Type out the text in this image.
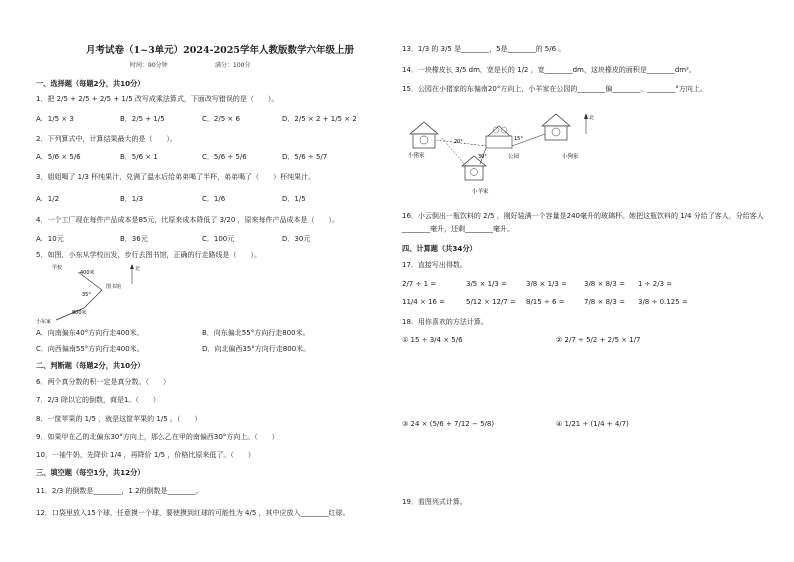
月考试卷（1~3单元）2024-2025学年人教版数学六年级上册
时间：90分钟	满分：100分
一、选择题（每题2分，共10分）
1．把 2/5 + 2/5 + 2/5 + 1/5 改写成乘法算式，下面改写错误的是（　　）。
A．1/5 × 3	B．2/5 + 1/5	C．2/5 × 6	D．2/5 × 2 + 1/5 × 2
2．下列算式中，计算结果最大的是（　　）。
A．5/6 × 5/6	B．5/6 × 1	C．5/6 ÷ 5/6	D．5/6 ÷ 5/7
3．姐姐喝了 1/3 杯纯果汁，兑满了温水后给弟弟喝了半杯，弟弟喝了（　　）杯纯果汁。
A．1/2	B．1/3	C．1/6	D．1/5
4．一个工厂现在每件产品成本是85元，比原来成本降低了 3/20 ，原来每件产品成本是（　　）。
A．10元	B．36元	C．100元	D．30元
5．如图，小东从学校出发，步行去图书馆，正确的行走路线是（　　）。
北
学校
400米
图书馆
35°
800米
小东家
A．向南偏东40°方向行走400米。	B．向东偏北55°方向行走800米。
C．向西偏南55°方向行走400米。	D．向北偏西35°方向行走800米。
二、判断题（每题2分，共10分）
6．两个真分数的积一定是真分数。（　　）
7．2/3 除以它的倒数，商是1。（　　）
8．一筐苹果的 1/5 ，就是这筐苹果的 1/5 。（　　）
9．如果甲在乙的北偏东30°方向上，那么乙在甲的南偏西30°方向上。（　　）
10．一袖牛奶，先降价 1/4 ，再降价 1/5 ，价格比原来低了。（　　）
三、填空题（每空1分，共12分）
11．2/3 的倒数是________，1.2的倒数是________。
12．口袋里放入15个球，任意摸一个球，要使摸到红球的可能性为 4/5 ，其中应放入________红球。
13．1/3 的 3/5 是________，5是________的 5/6 。
14．一块橡皮长 3/5 dm，宽是长的 1/2 ，宽________dm，这块橡皮的面积是________dm²。
15．公园在小猪家的东偏南20°方向上，小羊家在公园的________偏________、________°方向上。
小猪家	公园	小狗家
小羊家
20°	15°
30°
北
16．小云倒出一瓶饮料的 2/5 ，刚好装满一个容量是240毫升的玻璃杯。她把这瓶饮料的 1/4 分给了客人，分给客人________毫升，还剩________毫升。
四、计算题（共34分）
17．直接写出得数。
2/7 ÷ 1 =	3/5 × 1/3 =	3/8 × 1/3 = 3/8 × 8/3 = 1 ÷ 2/3 =
11/4 × 16 =	5/12 × 12/7 = 8/15 ÷ 6 =	7/8 × 8/3 = 3/8 ÷ 0.125 =
18．用你喜欢的方法计算。
① 15 ÷ 3/4 × 5/6	② 2/7 ÷ 5/2 + 2/5 × 1/7
③ 24 × (5/6 + 7/12 − 5/8)	④ 1/21 ÷ (1/4 + 4/7)
19．看图列式计算。
